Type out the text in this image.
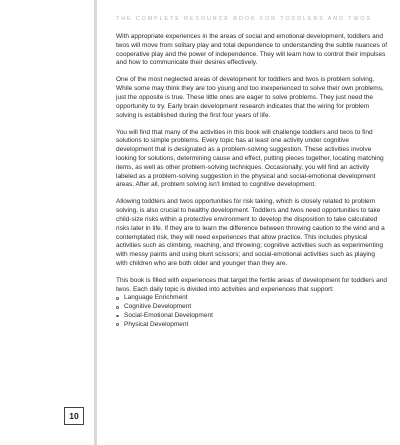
THE COMPLETE RESOURCE BOOK FOR TODDLERS AND TWOS

With appropriate experiences in the areas of social and emotional development, toddlers and twos will move from solitary play and total dependence to understanding the subtle nuances of cooperative play and the power of independence. They will learn how to control their impulses and how to communicate their desires effectively.

One of the most neglected areas of development for toddlers and twos is problem solving. While some may think they are too young and too inexperienced to solve their own problems, just the opposite is true. These little ones are eager to solve problems. They just need the opportunity to try. Early brain development research indicates that the wiring for problem solving is established during the first four years of life.

You will find that many of the activities in this book will challenge toddlers and twos to find solutions to simple problems. Every topic has at least one activity under cognitive development that is designated as a problem-solving suggestion. These activities involve looking for solutions, determining cause and effect, putting pieces together, locating matching items, as well as other problem-solving techniques. Occasionally, you will find an activity labeled as a problem-solving suggestion in the physical and social-emotional development areas. After all, problem solving isn't limited to cognitive development.

Allowing toddlers and twos opportunities for risk taking, which is closely related to problem solving, is also crucial to healthy development. Toddlers and twos need opportunities to take child-size risks within a protective environment to develop the disposition to take calculated risks later in life. If they are to learn the difference between throwing caution to the wind and a contemplated risk, they will need experiences that allow practice. This includes physical activities such as climbing, reaching, and throwing; cognitive activities such as experimenting with messy paints and using blunt scissors; and social-emotional activities such as playing with children who are both older and younger than they are.

This book is filled with experiences that target the fertile areas of development for toddlers and twos. Each daily topic is divided into activities and experiences that support:

Language Enrichment
Cognitive Development
Social-Emotional Development
Physical Development
10
